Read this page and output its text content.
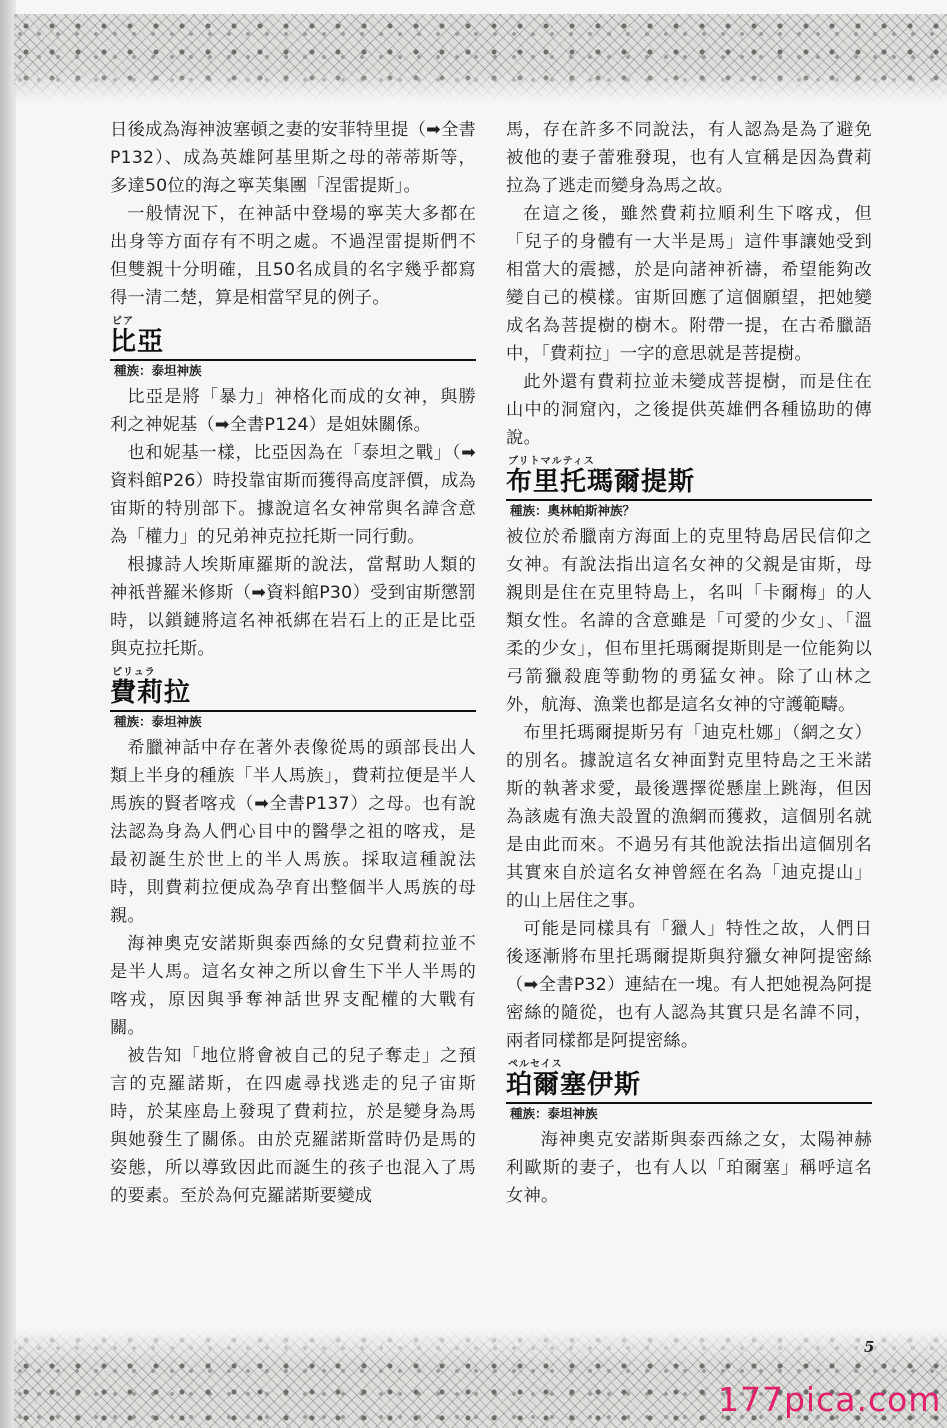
日後成為海神波塞頓之妻的安菲特里提（➡全書P132）、成為英雄阿基里斯之母的蒂蒂斯等，多達50位的海之寧芙集團「涅雷提斯」。

一般情況下，在神話中登場的寧芙大多都在出身等方面存有不明之處。不過涅雷提斯們不但雙親十分明確，且50名成員的名字幾乎都寫得一清二楚，算是相當罕見的例子。

ビア
比亞
種族：泰坦神族

比亞是將「暴力」神格化而成的女神，與勝利之神妮基（➡全書P124）是姐妹關係。

也和妮基一樣，比亞因為在「泰坦之戰」（➡資料館P26）時投靠宙斯而獲得高度評價，成為宙斯的特別部下。據說這名女神常與名諱含意為「權力」的兄弟神克拉托斯一同行動。

根據詩人埃斯庫羅斯的說法，當幫助人類的神祇普羅米修斯（➡資料館P30）受到宙斯懲罰時，以鎖鏈將這名神祇綁在岩石上的正是比亞與克拉托斯。

ピリュラ
費莉拉
種族：泰坦神族

希臘神話中存在著外表像從馬的頭部長出人類上半身的種族「半人馬族」，費莉拉便是半人馬族的賢者喀戎（➡全書P137）之母。也有說法認為身為人們心目中的醫學之祖的喀戎，是最初誕生於世上的半人馬族。採取這種說法時，則費莉拉便成為孕育出整個半人馬族的母親。

海神奧克安諾斯與泰西絲的女兒費莉拉並不是半人馬。這名女神之所以會生下半人半馬的喀戎，原因與爭奪神話世界支配權的大戰有關。

被告知「地位將會被自己的兒子奪走」之預言的克羅諾斯，在四處尋找逃走的兒子宙斯時，於某座島上發現了費莉拉，於是變身為馬與她發生了關係。由於克羅諾斯當時仍是馬的姿態，所以導致因此而誕生的孩子也混入了馬的要素。至於為何克羅諾斯要變成

馬，存在許多不同說法，有人認為是為了避免被他的妻子蕾雅發現，也有人宣稱是因為費莉拉為了逃走而變身為馬之故。

在這之後，雖然費莉拉順利生下喀戎，但「兒子的身體有一大半是馬」這件事讓她受到相當大的震撼，於是向諸神祈禱，希望能夠改變自己的模樣。宙斯回應了這個願望，把她變成名為菩提樹的樹木。附帶一提，在古希臘語中，「費莉拉」一字的意思就是菩提樹。

此外還有費莉拉並未變成菩提樹，而是住在山中的洞窟內，之後提供英雄們各種協助的傳說。

ブリトマルティス
布里托瑪爾提斯
種族：奧林帕斯神族？

被位於希臘南方海面上的克里特島居民信仰之女神。有說法指出這名女神的父親是宙斯，母親則是住在克里特島上，名叫「卡爾梅」的人類女性。名諱的含意雖是「可愛的少女」、「溫柔的少女」，但布里托瑪爾提斯則是一位能夠以弓箭獵殺鹿等動物的勇猛女神。除了山林之外，航海、漁業也都是這名女神的守護範疇。

布里托瑪爾提斯另有「迪克杜娜」（網之女）的別名。據說這名女神面對克里特島之王米諾斯的執著求愛，最後選擇從懸崖上跳海，但因為該處有漁夫設置的漁網而獲救，這個別名就是由此而來。不過另有其他說法指出這個別名其實來自於這名女神曾經在名為「迪克提山」的山上居住之事。

可能是同樣具有「獵人」特性之故，人們日後逐漸將布里托瑪爾提斯與狩獵女神阿提密絲（➡全書P32）連結在一塊。有人把她視為阿提密絲的隨從，也有人認為其實只是名諱不同，兩者同樣都是阿提密絲。

ペルセイス
珀爾塞伊斯
種族：泰坦神族

海神奧克安諾斯與泰西絲之女，太陽神赫利歐斯的妻子，也有人以「珀爾塞」稱呼這名女神。

5
177pica.com
